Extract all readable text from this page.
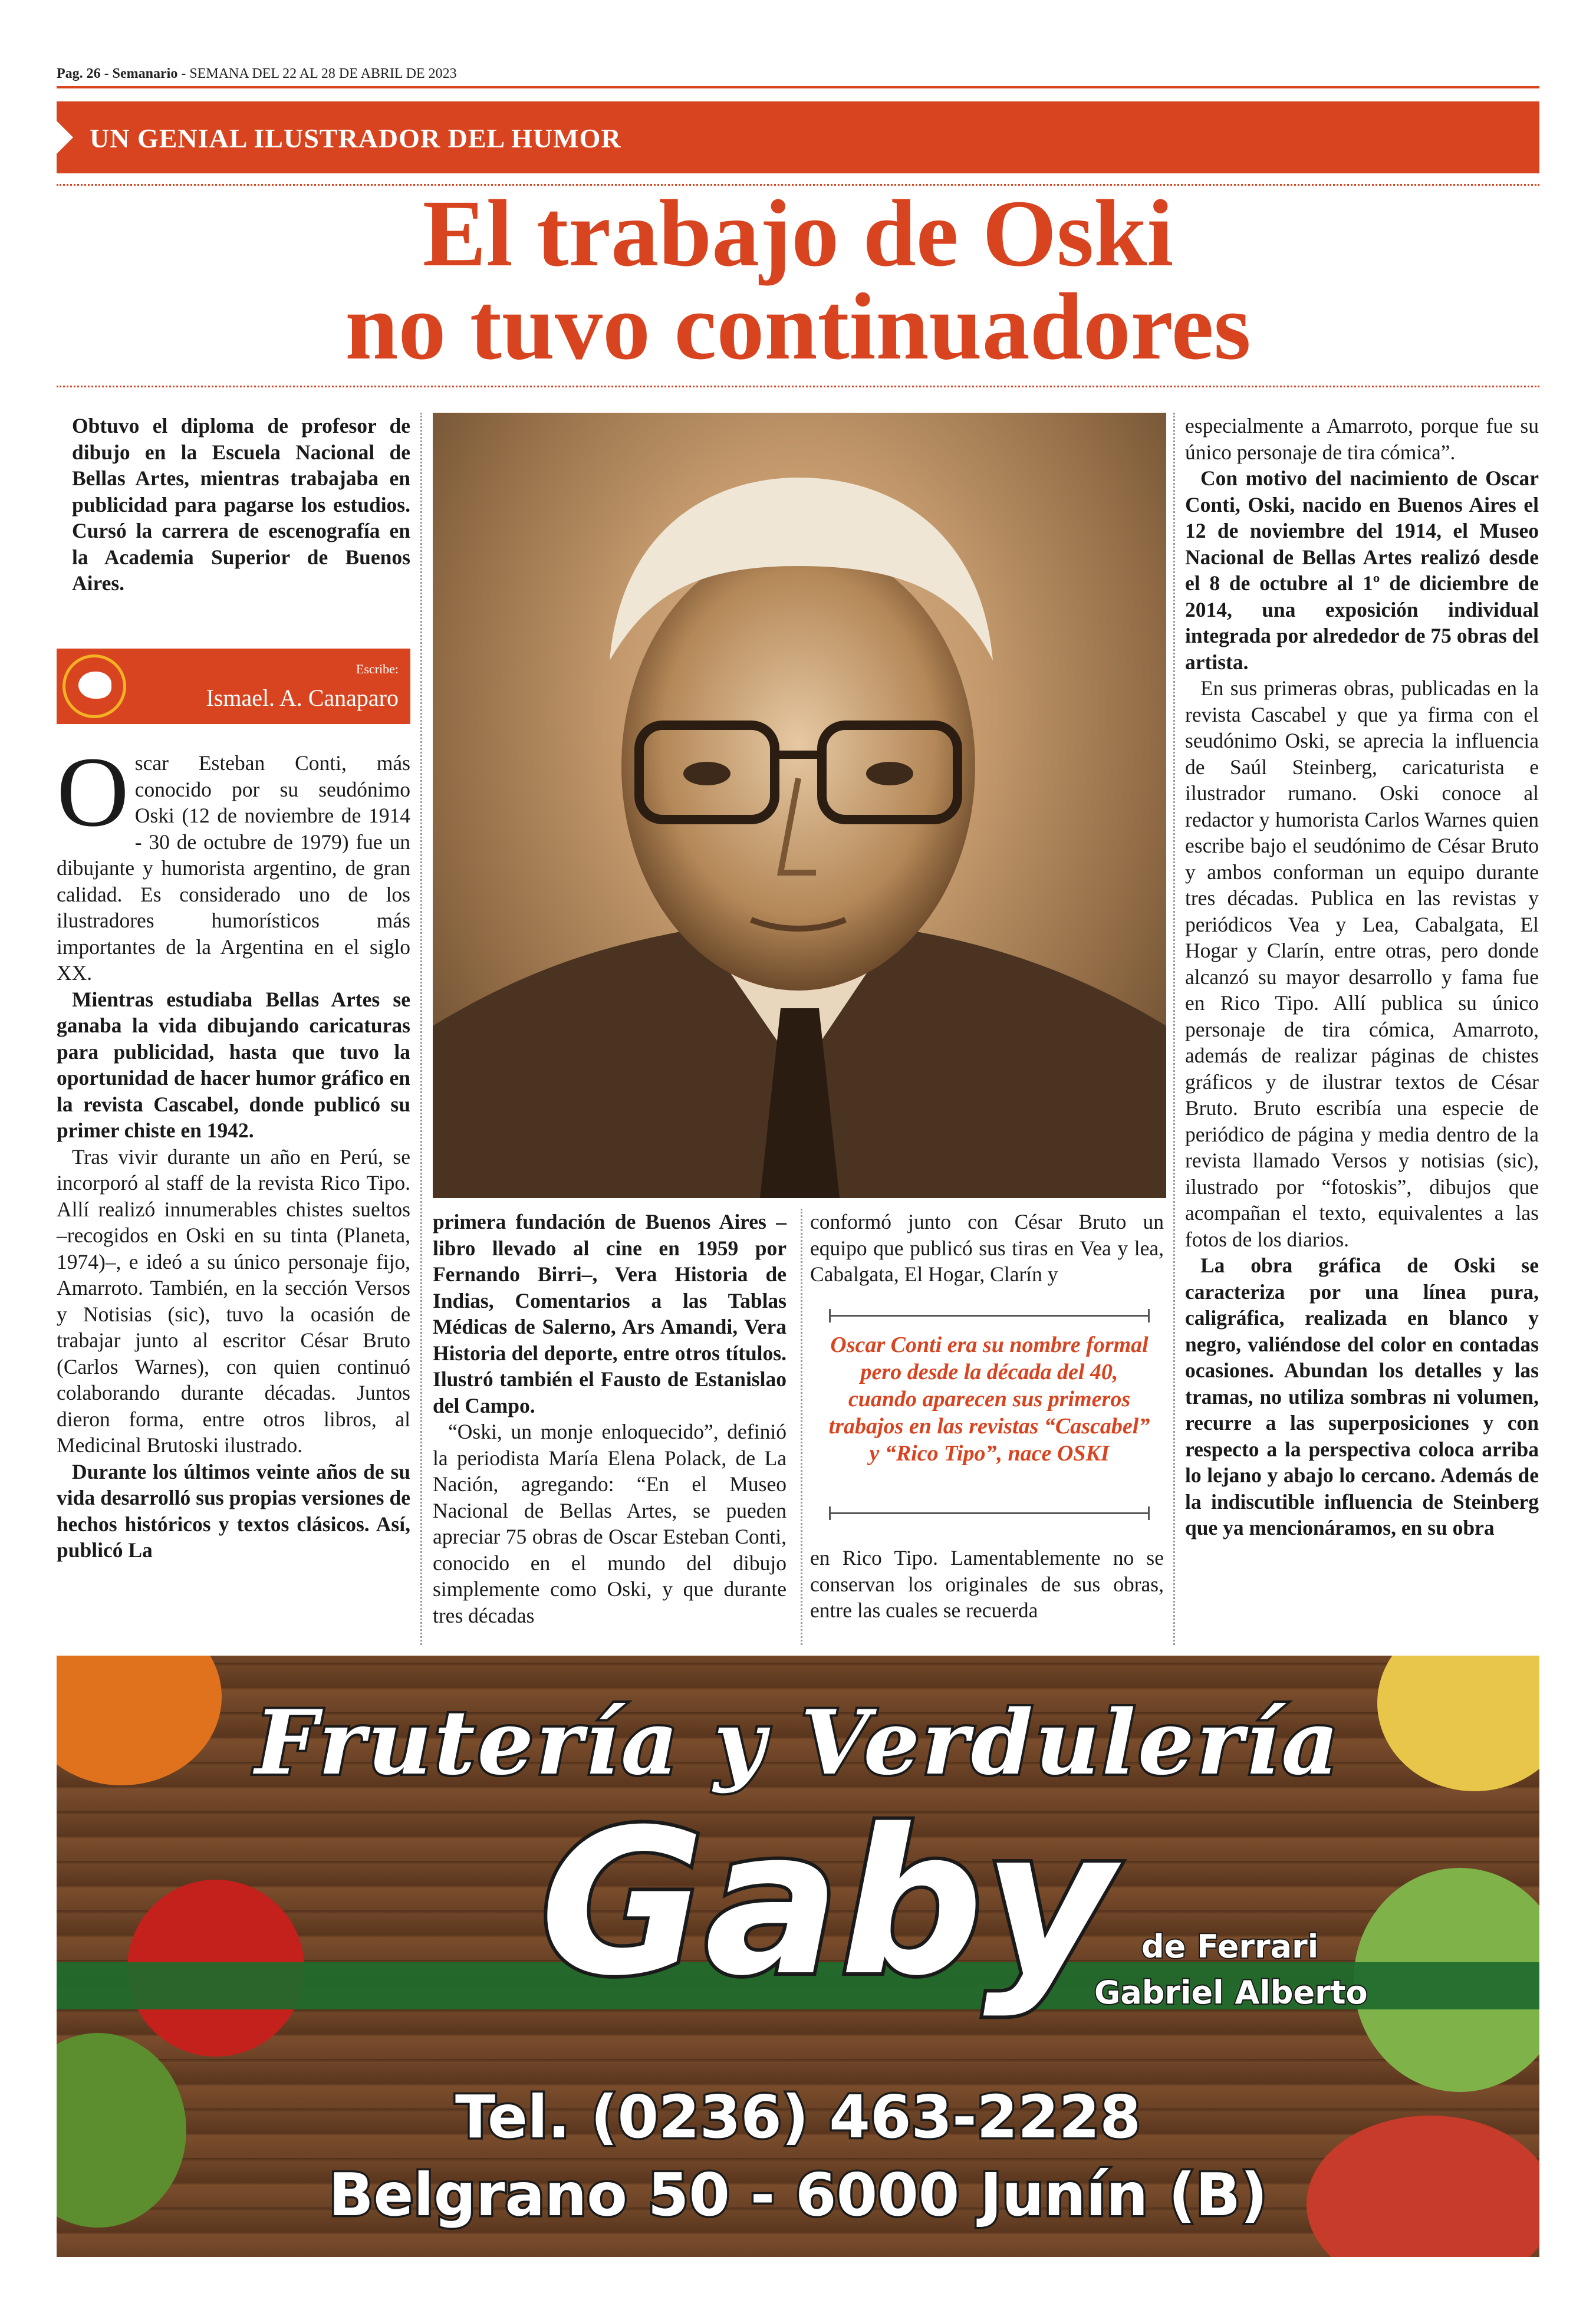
Pag. 26 - Semanario - SEMANA DEL 22 AL 28 DE ABRIL DE 2023
UN GENIAL ILUSTRADOR DEL HUMOR
El trabajo de Oski
no tuvo continuadores

Obtuvo el diploma de profesor de dibujo en la Escuela Nacional de Bellas Artes, mientras trabajaba en publicidad para pagarse los estudios. Cursó la carrera de escenografía en la Academia Superior de Buenos Aires.

Escribe:
Ismael. A. Canaparo

Oscar Esteban Conti, más conocido por su seudónimo Oski (12 de noviembre de 1914 - 30 de octubre de 1979) fue un dibujante y humorista argentino, de gran calidad. Es considerado uno de los ilustradores humorísticos más importantes de la Argentina en el siglo XX.

Mientras estudiaba Bellas Artes se ganaba la vida dibujando caricaturas para publicidad, hasta que tuvo la oportunidad de hacer humor gráfico en la revista Cascabel, donde publicó su primer chiste en 1942.

Tras vivir durante un año en Perú, se incorporó al staff de la revista Rico Tipo. Allí realizó innumerables chistes sueltos –recogidos en Oski en su tinta (Planeta, 1974)–, e ideó a su único personaje fijo, Amarroto. También, en la sección Versos y Notisias (sic), tuvo la ocasión de trabajar junto al escritor César Bruto (Carlos Warnes), con quien continuó colaborando durante décadas. Juntos dieron forma, entre otros libros, al Medicinal Brutoski ilustrado.

Durante los últimos veinte años de su vida desarrolló sus propias versiones de hechos históricos y textos clásicos. Así, publicó La

primera fundación de Buenos Aires –libro llevado al cine en 1959 por Fernando Birri–, Vera Historia de Indias, Comentarios a las Tablas Médicas de Salerno, Ars Amandi, Vera Historia del deporte, entre otros títulos. Ilustró también el Fausto de Estanislao del Campo.

“Oski, un monje enloquecido”, definió la periodista María Elena Polack, de La Nación, agregando: “En el Museo Nacional de Bellas Artes, se pueden apreciar 75 obras de Oscar Esteban Conti, conocido en el mundo del dibujo simplemente como Oski, y que durante tres décadas

conformó junto con César Bruto un equipo que publicó sus tiras en Vea y lea, Cabalgata, El Hogar, Clarín y

Oscar Conti era su nombre formal pero desde la década del 40, cuando aparecen sus primeros trabajos en las revistas “Cascabel” y “Rico Tipo”, nace OSKI

en Rico Tipo. Lamentablemente no se conservan los originales de sus obras, entre las cuales se recuerda

especialmente a Amarroto, porque fue su único personaje de tira cómica”.

Con motivo del nacimiento de Oscar Conti, Oski, nacido en Buenos Aires el 12 de noviembre del 1914, el Museo Nacional de Bellas Artes realizó desde el 8 de octubre al 1º de diciembre de 2014, una exposición individual integrada por alrededor de 75 obras del artista.

En sus primeras obras, publicadas en la revista Cascabel y que ya firma con el seudónimo Oski, se aprecia la influencia de Saúl Steinberg, caricaturista e ilustrador rumano. Oski conoce al redactor y humorista Carlos Warnes quien escribe bajo el seudónimo de César Bruto y ambos conforman un equipo durante tres décadas. Publica en las revistas y periódicos Vea y Lea, Cabalgata, El Hogar y Clarín, entre otras, pero donde alcanzó su mayor desarrollo y fama fue en Rico Tipo. Allí publica su único personaje de tira cómica, Amarroto, además de realizar páginas de chistes gráficos y de ilustrar textos de César Bruto. Bruto escribía una especie de periódico de página y media dentro de la revista llamado Versos y notisias (sic), ilustrado por “fotoskis”, dibujos que acompañan el texto, equivalentes a las fotos de los diarios.

La obra gráfica de Oski se caracteriza por una línea pura, caligráfica, realizada en blanco y negro, valiéndose del color en contadas ocasiones. Abundan los detalles y las tramas, no utiliza sombras ni volumen, recurre a las superposiciones y con respecto a la perspectiva coloca arriba lo lejano y abajo lo cercano. Además de la indiscutible influencia de Steinberg que ya mencionáramos, en su obra

Frutería y Verdulería
Gaby de Ferrari
Gabriel Alberto
Tel. (0236) 463-2228
Belgrano 50 - 6000 Junín (B)
